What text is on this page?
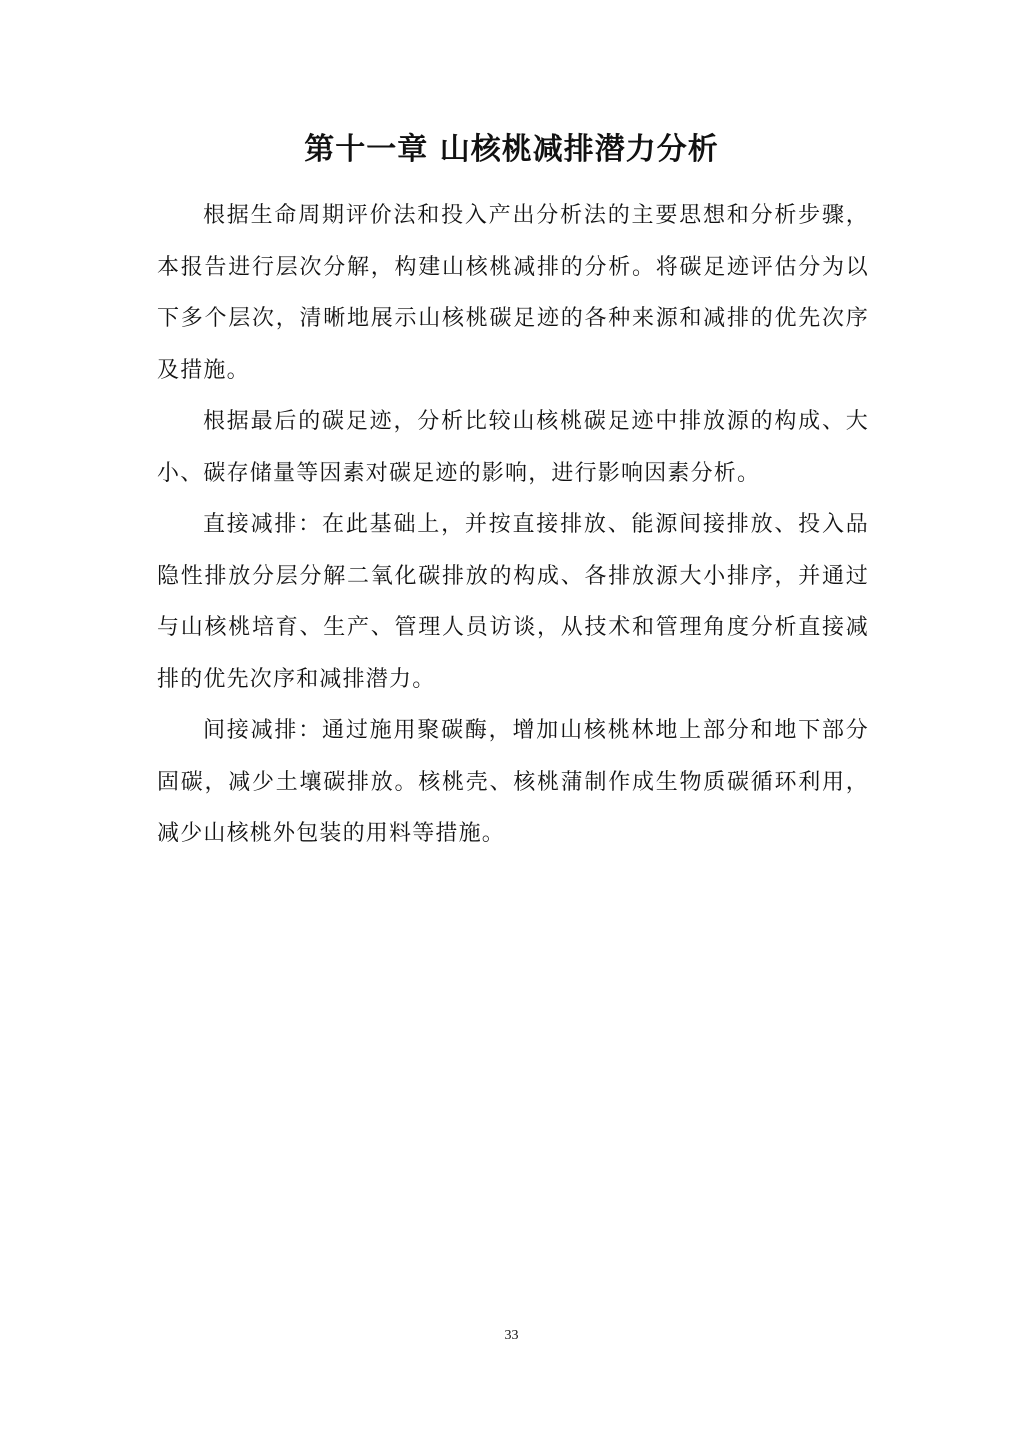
第十一章 山核桃减排潜力分析

根据生命周期评价法和投入产出分析法的主要思想和分析步骤，本报告进行层次分解，构建山核桃减排的分析。将碳足迹评估分为以下多个层次，清晰地展示山核桃碳足迹的各种来源和减排的优先次序及措施。

根据最后的碳足迹，分析比较山核桃碳足迹中排放源的构成、大小、碳存储量等因素对碳足迹的影响，进行影响因素分析。

直接减排：在此基础上，并按直接排放、能源间接排放、投入品隐性排放分层分解二氧化碳排放的构成、各排放源大小排序，并通过与山核桃培育、生产、管理人员访谈，从技术和管理角度分析直接减排的优先次序和减排潜力。

间接减排：通过施用聚碳酶，增加山核桃林地上部分和地下部分固碳，减少土壤碳排放。核桃壳、核桃蒲制作成生物质碳循环利用，减少山核桃外包装的用料等措施。

33
